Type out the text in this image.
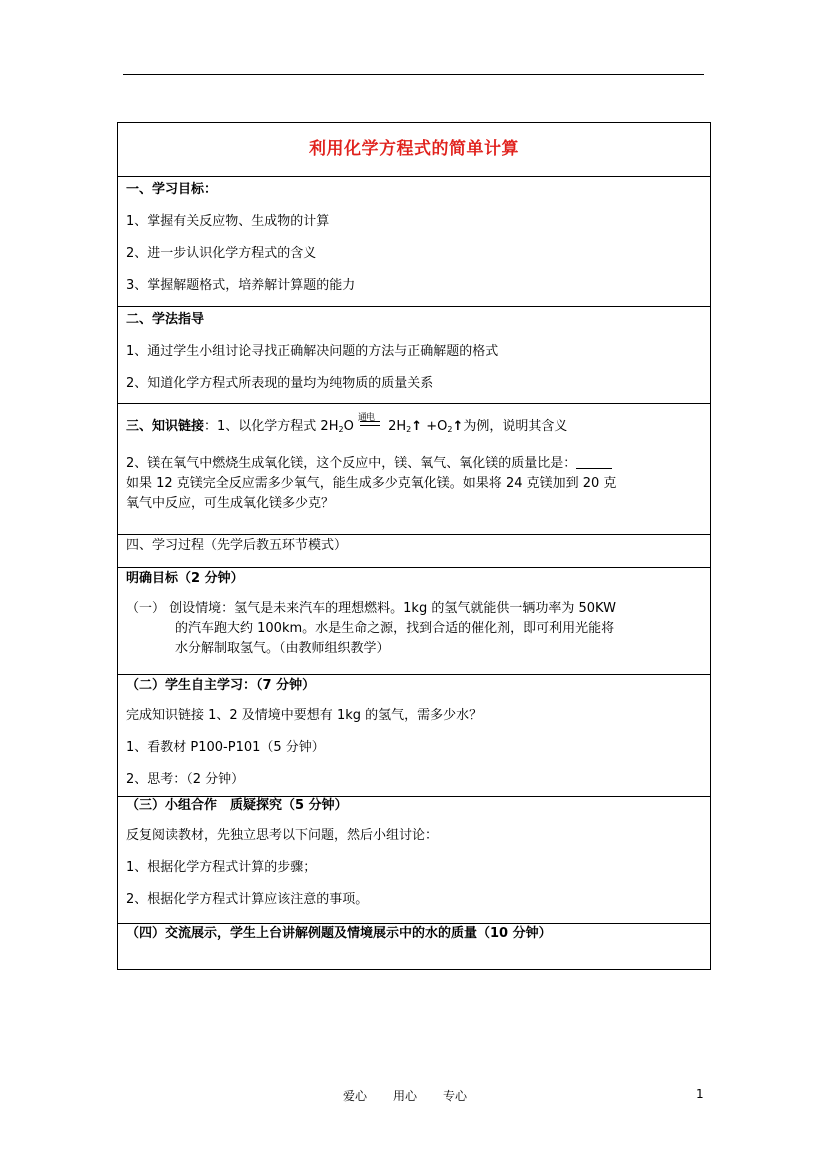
利用化学方程式的简单计算

一、学习目标：
1、掌握有关反应物、生成物的计算
2、进一步认识化学方程式的含义
3、掌握解题格式，培养解计算题的能力

二、学法指导
1、通过学生小组讨论寻找正确解决问题的方法与正确解题的格式
2、知道化学方程式所表现的量均为纯物质的质量关系

三、知识链接：1、以化学方程式 $2H_2O$
通电
$2H_2↑$ $+O_2↑$为例，说明其含义
2、镁在氧气中燃烧生成氧化镁，这个反应中，镁、氧气、氧化镁的质量比是：
如果 12 克镁完全反应需多少氧气，能生成多少克氧化镁。如果将 24 克镁加到 20 克
氧气中反应，可生成氧化镁多少克？

四、学习过程（先学后教五环节模式）

明确目标（2 分钟）
（一） 创设情境：氢气是未来汽车的理想燃料。1kg 的氢气就能供一辆功率为 50KW
的汽车跑大约 100km。水是生命之源，找到合适的催化剂，即可利用光能将
水分解制取氢气。（由教师组织教学）

（二）学生自主学习：（7 分钟）
完成知识链接 1、2 及情境中要想有 1kg 的氢气，需多少水？
1、看教材 P100-P101（5 分钟）
2、思考：（2 分钟）

（三）小组合作　质疑探究（5 分钟）
反复阅读教材，先独立思考以下问题，然后小组讨论：
1、根据化学方程式计算的步骤；
2、根据化学方程式计算应该注意的事项。

（四）交流展示，学生上台讲解例题及情境展示中的水的质量（10 分钟）
爱心 用心 专心	1
